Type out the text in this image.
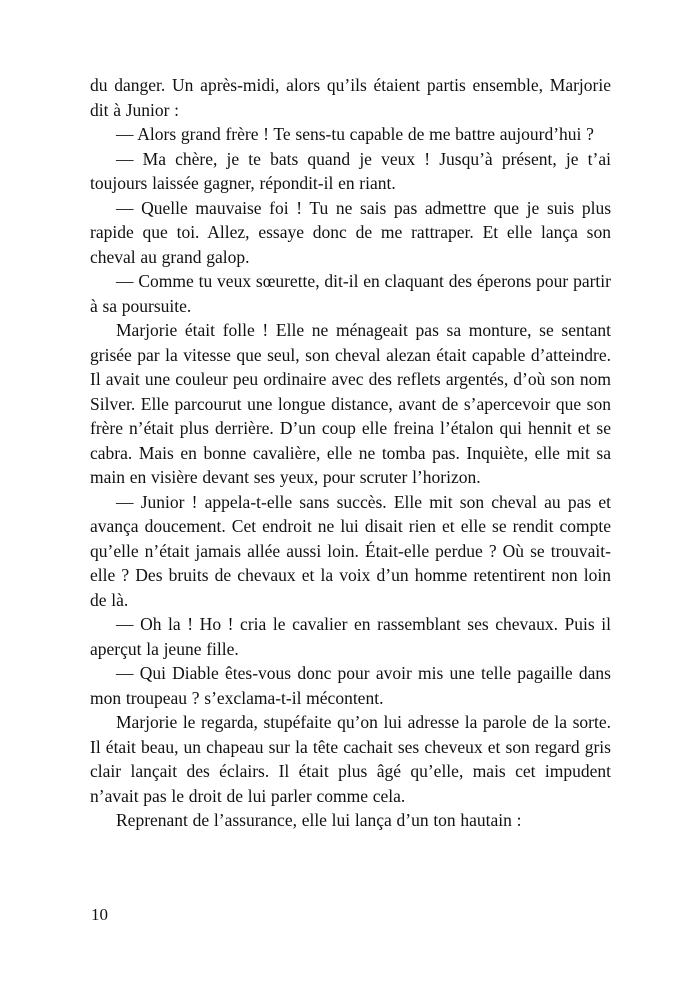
du danger. Un après-midi, alors qu’ils étaient partis ensemble, Marjorie dit à Junior :

— Alors grand frère ! Te sens-tu capable de me battre aujourd’hui ?

— Ma chère, je te bats quand je veux ! Jusqu’à présent, je t’ai toujours laissée gagner, répondit-il en riant.

— Quelle mauvaise foi ! Tu ne sais pas admettre que je suis plus rapide que toi. Allez, essaye donc de me rattraper. Et elle lança son cheval au grand galop.

— Comme tu veux sœurette, dit-il en claquant des éperons pour partir à sa poursuite.

Marjorie était folle ! Elle ne ménageait pas sa monture, se sentant grisée par la vitesse que seul, son cheval alezan était capable d’atteindre. Il avait une couleur peu ordinaire avec des reflets argentés, d’où son nom Silver. Elle parcourut une longue distance, avant de s’apercevoir que son frère n’était plus derrière. D’un coup elle freina l’étalon qui hennit et se cabra. Mais en bonne cavalière, elle ne tomba pas. Inquiète, elle mit sa main en visière devant ses yeux, pour scruter l’horizon.

— Junior ! appela-t-elle sans succès. Elle mit son cheval au pas et avança doucement. Cet endroit ne lui disait rien et elle se rendit compte qu’elle n’était jamais allée aussi loin. Était-elle perdue ? Où se trouvait-elle ? Des bruits de chevaux et la voix d’un homme retentirent non loin de là.

— Oh la ! Ho ! cria le cavalier en rassemblant ses chevaux. Puis il aperçut la jeune fille.

— Qui Diable êtes-vous donc pour avoir mis une telle pagaille dans mon troupeau ? s’exclama-t-il mécontent.

Marjorie le regarda, stupéfaite qu’on lui adresse la parole de la sorte. Il était beau, un chapeau sur la tête cachait ses cheveux et son regard gris clair lançait des éclairs. Il était plus âgé qu’elle, mais cet impudent n’avait pas le droit de lui parler comme cela.

Reprenant de l’assurance, elle lui lança d’un ton hautain :

10
